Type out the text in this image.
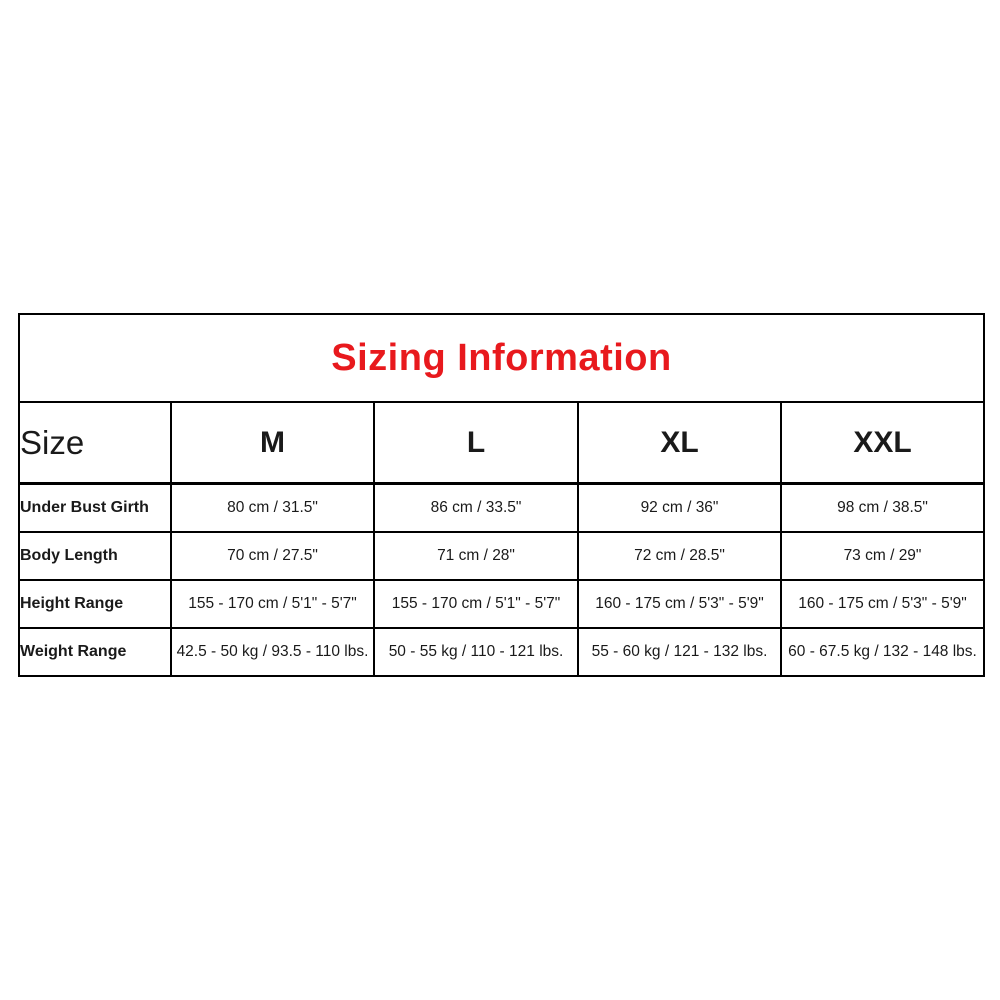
Sizing Information				
Size	M	L	XL	XXL
Under Bust Girth	80 cm / 31.5"	86 cm / 33.5"	92 cm / 36"	98 cm / 38.5"
Body Length	70 cm / 27.5"	71 cm / 28"	72 cm / 28.5"	73 cm / 29"
Height Range	155 - 170 cm / 5'1" - 5'7"	155 - 170 cm / 5'1" - 5'7"	160 - 175 cm / 5'3" - 5'9"	160 - 175 cm / 5'3" - 5'9"
Weight Range	42.5 - 50 kg / 93.5 - 110 lbs.	50 - 55 kg / 110 - 121 lbs.	55 - 60 kg / 121 - 132 lbs.	60 - 67.5 kg / 132 - 148 lbs.
